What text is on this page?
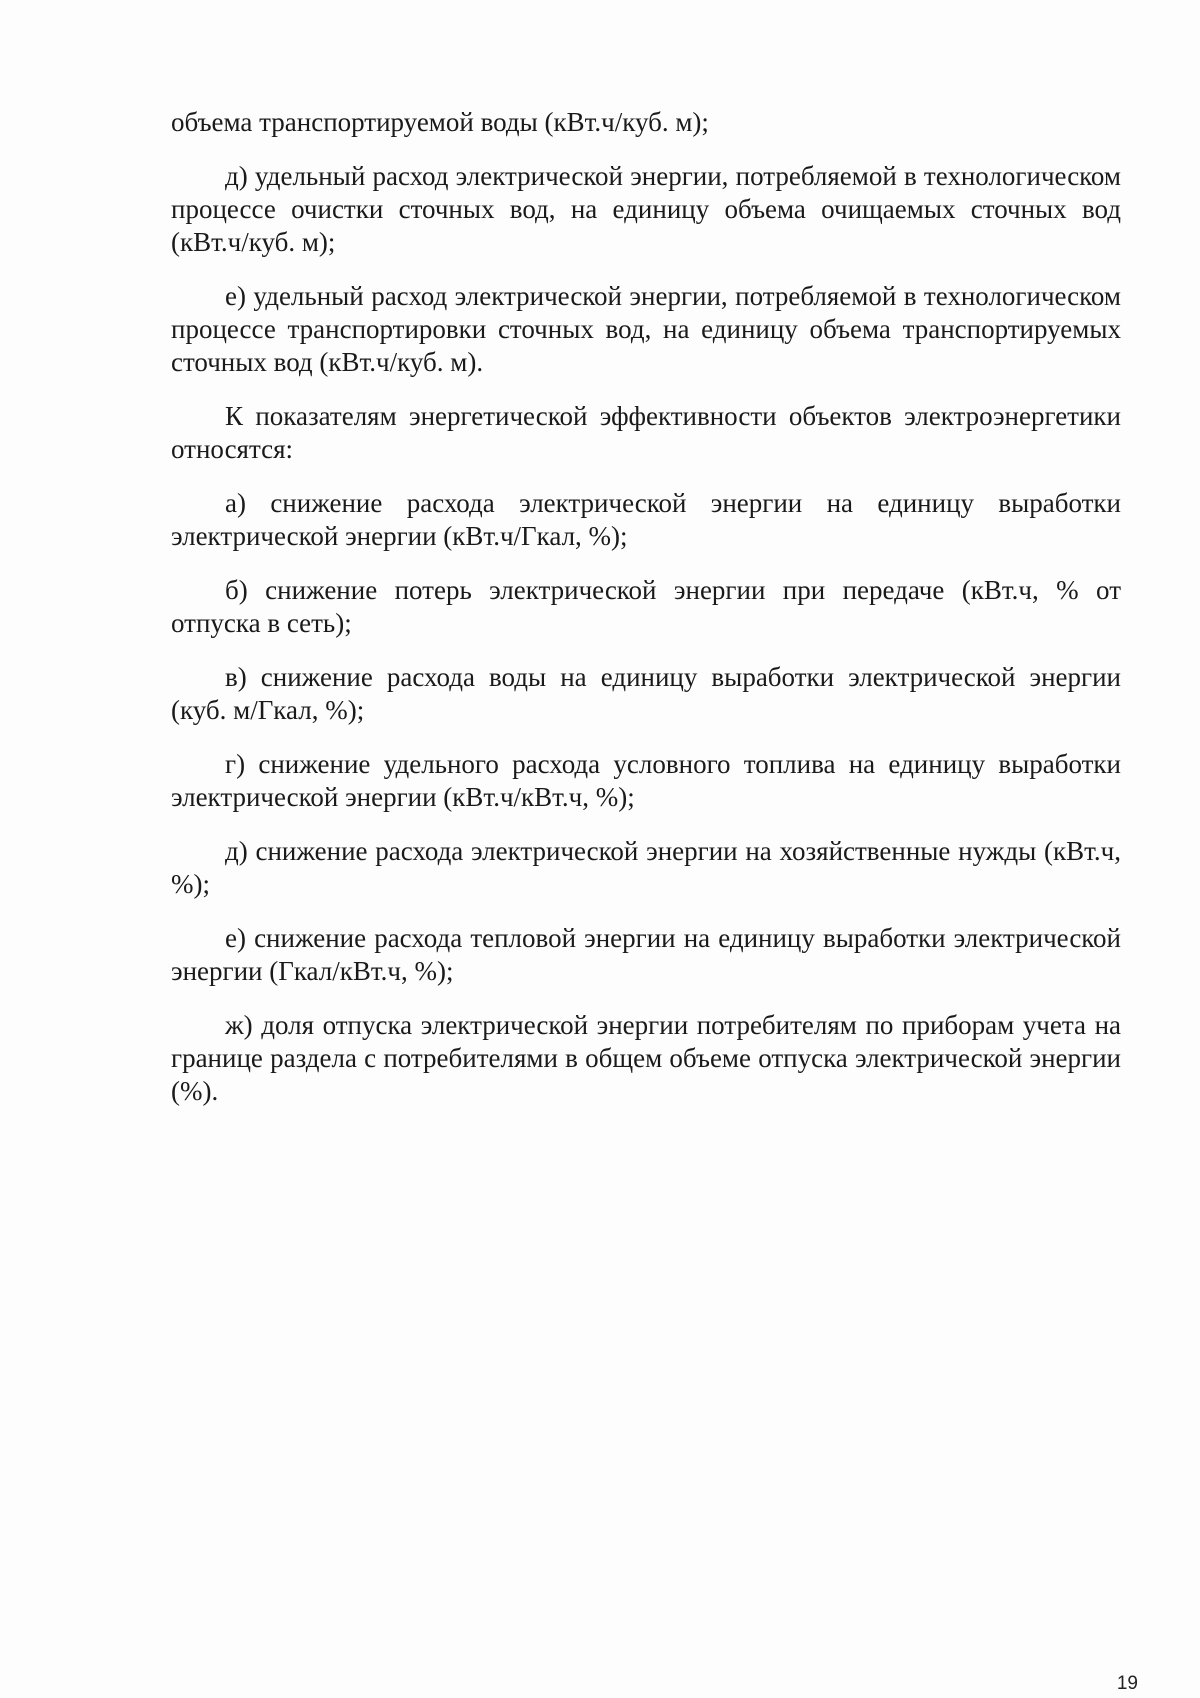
объема транспортируемой воды (кВт.ч/куб. м);

д) удельный расход электрической энергии, потребляемой в технологическом процессе очистки сточных вод, на единицу объема очищаемых сточных вод (кВт.ч/куб. м);

е) удельный расход электрической энергии, потребляемой в технологическом процессе транспортировки сточных вод, на единицу объема транспортируемых сточных вод (кВт.ч/куб. м).

К показателям энергетической эффективности объектов электроэнергетики относятся:

а) снижение расхода электрической энергии на единицу выработки электрической энергии (кВт.ч/Гкал, %);

б) снижение потерь электрической энергии при передаче (кВт.ч, % от отпуска в сеть);

в) снижение расхода воды на единицу выработки электрической энергии (куб. м/Гкал, %);

г) снижение удельного расхода условного топлива на единицу выработки электрической энергии (кВт.ч/кВт.ч, %);

д) снижение расхода электрической энергии на хозяйственные нужды (кВт.ч, %);

е) снижение расхода тепловой энергии на единицу выработки электрической энергии (Гкал/кВт.ч, %);

ж) доля отпуска электрической энергии потребителям по приборам учета на границе раздела с потребителями в общем объеме отпуска электрической энергии (%).

19
